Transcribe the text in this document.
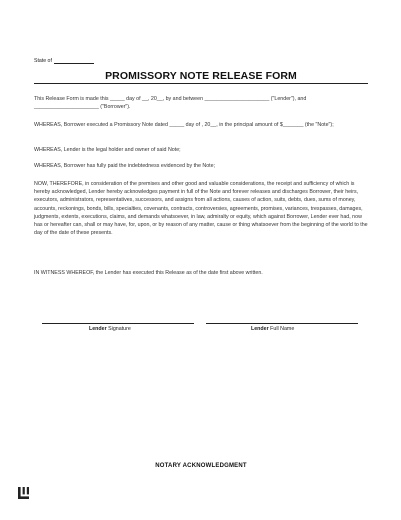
State of
PROMISSORY NOTE RELEASE FORM
This Release Form is made this _____ day of __, 20__, by and between ______________________ ("Lender"), and ______________________ ("Borrower").
WHEREAS, Borrower executed a Promissory Note dated _____ day of , 20__, in the principal amount of $_______ (the "Note");
WHEREAS, Lender is the legal holder and owner of said Note;
WHEREAS, Borrower has fully paid the indebtedness evidenced by the Note;
NOW, THEREFORE, in consideration of the premises and other good and valuable considerations, the receipt and sufficiency of which is hereby acknowledged, Lender hereby acknowledges payment in full of the Note and forever releases and discharges Borrower, their heirs, executors, administrators, representatives, successors, and assigns from all actions, causes of action, suits, debts, dues, sums of money, accounts, reckonings, bonds, bills, specialties, covenants, contracts, controversies, agreements, promises, variances, trespasses, damages, judgments, extents, executions, claims, and demands whatsoever, in law, admiralty or equity, which against Borrower, Lender ever had, now has or hereafter can, shall or may have, for, upon, or by reason of any matter, cause or thing whatsoever from the beginning of the world to the day of the date of these presents.
IN WITNESS WHEREOF, the Lender has executed this Release as of the date first above written.
Lender Signature	Lender Full Name
NOTARY ACKNOWLEDGMENT
